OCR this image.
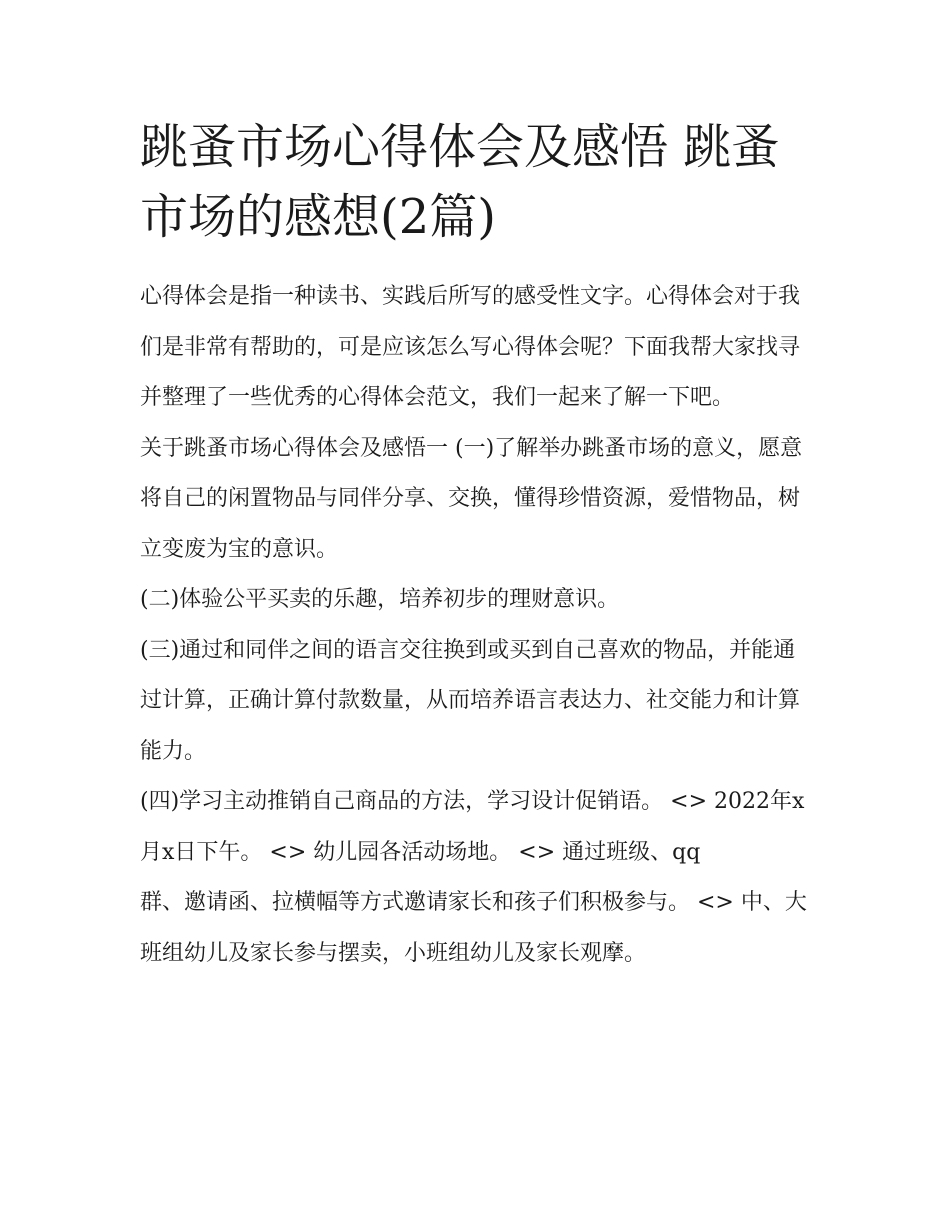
跳蚤市场心得体会及感悟 跳蚤市场的感想(2篇)

心得体会是指一种读书、实践后所写的感受性文字。心得体会对于我们是非常有帮助的，可是应该怎么写心得体会呢？下面我帮大家找寻并整理了一些优秀的心得体会范文，我们一起来了解一下吧。

关于跳蚤市场心得体会及感悟一 (一)了解举办跳蚤市场的意义，愿意将自己的闲置物品与同伴分享、交换，懂得珍惜资源，爱惜物品，树立变废为宝的意识。

(二)体验公平买卖的乐趣，培养初步的理财意识。

(三)通过和同伴之间的语言交往换到或买到自己喜欢的物品，并能通过计算，正确计算付款数量，从而培养语言表达力、社交能力和计算能力。

(四)学习主动推销自己商品的方法，学习设计促销语。 <> 2022年x月x日下午。 <> 幼儿园各活动场地。 <> 通过班级、qq

群、邀请函、拉横幅等方式邀请家长和孩子们积极参与。 <> 中、大班组幼儿及家长参与摆卖，小班组幼儿及家长观摩。
